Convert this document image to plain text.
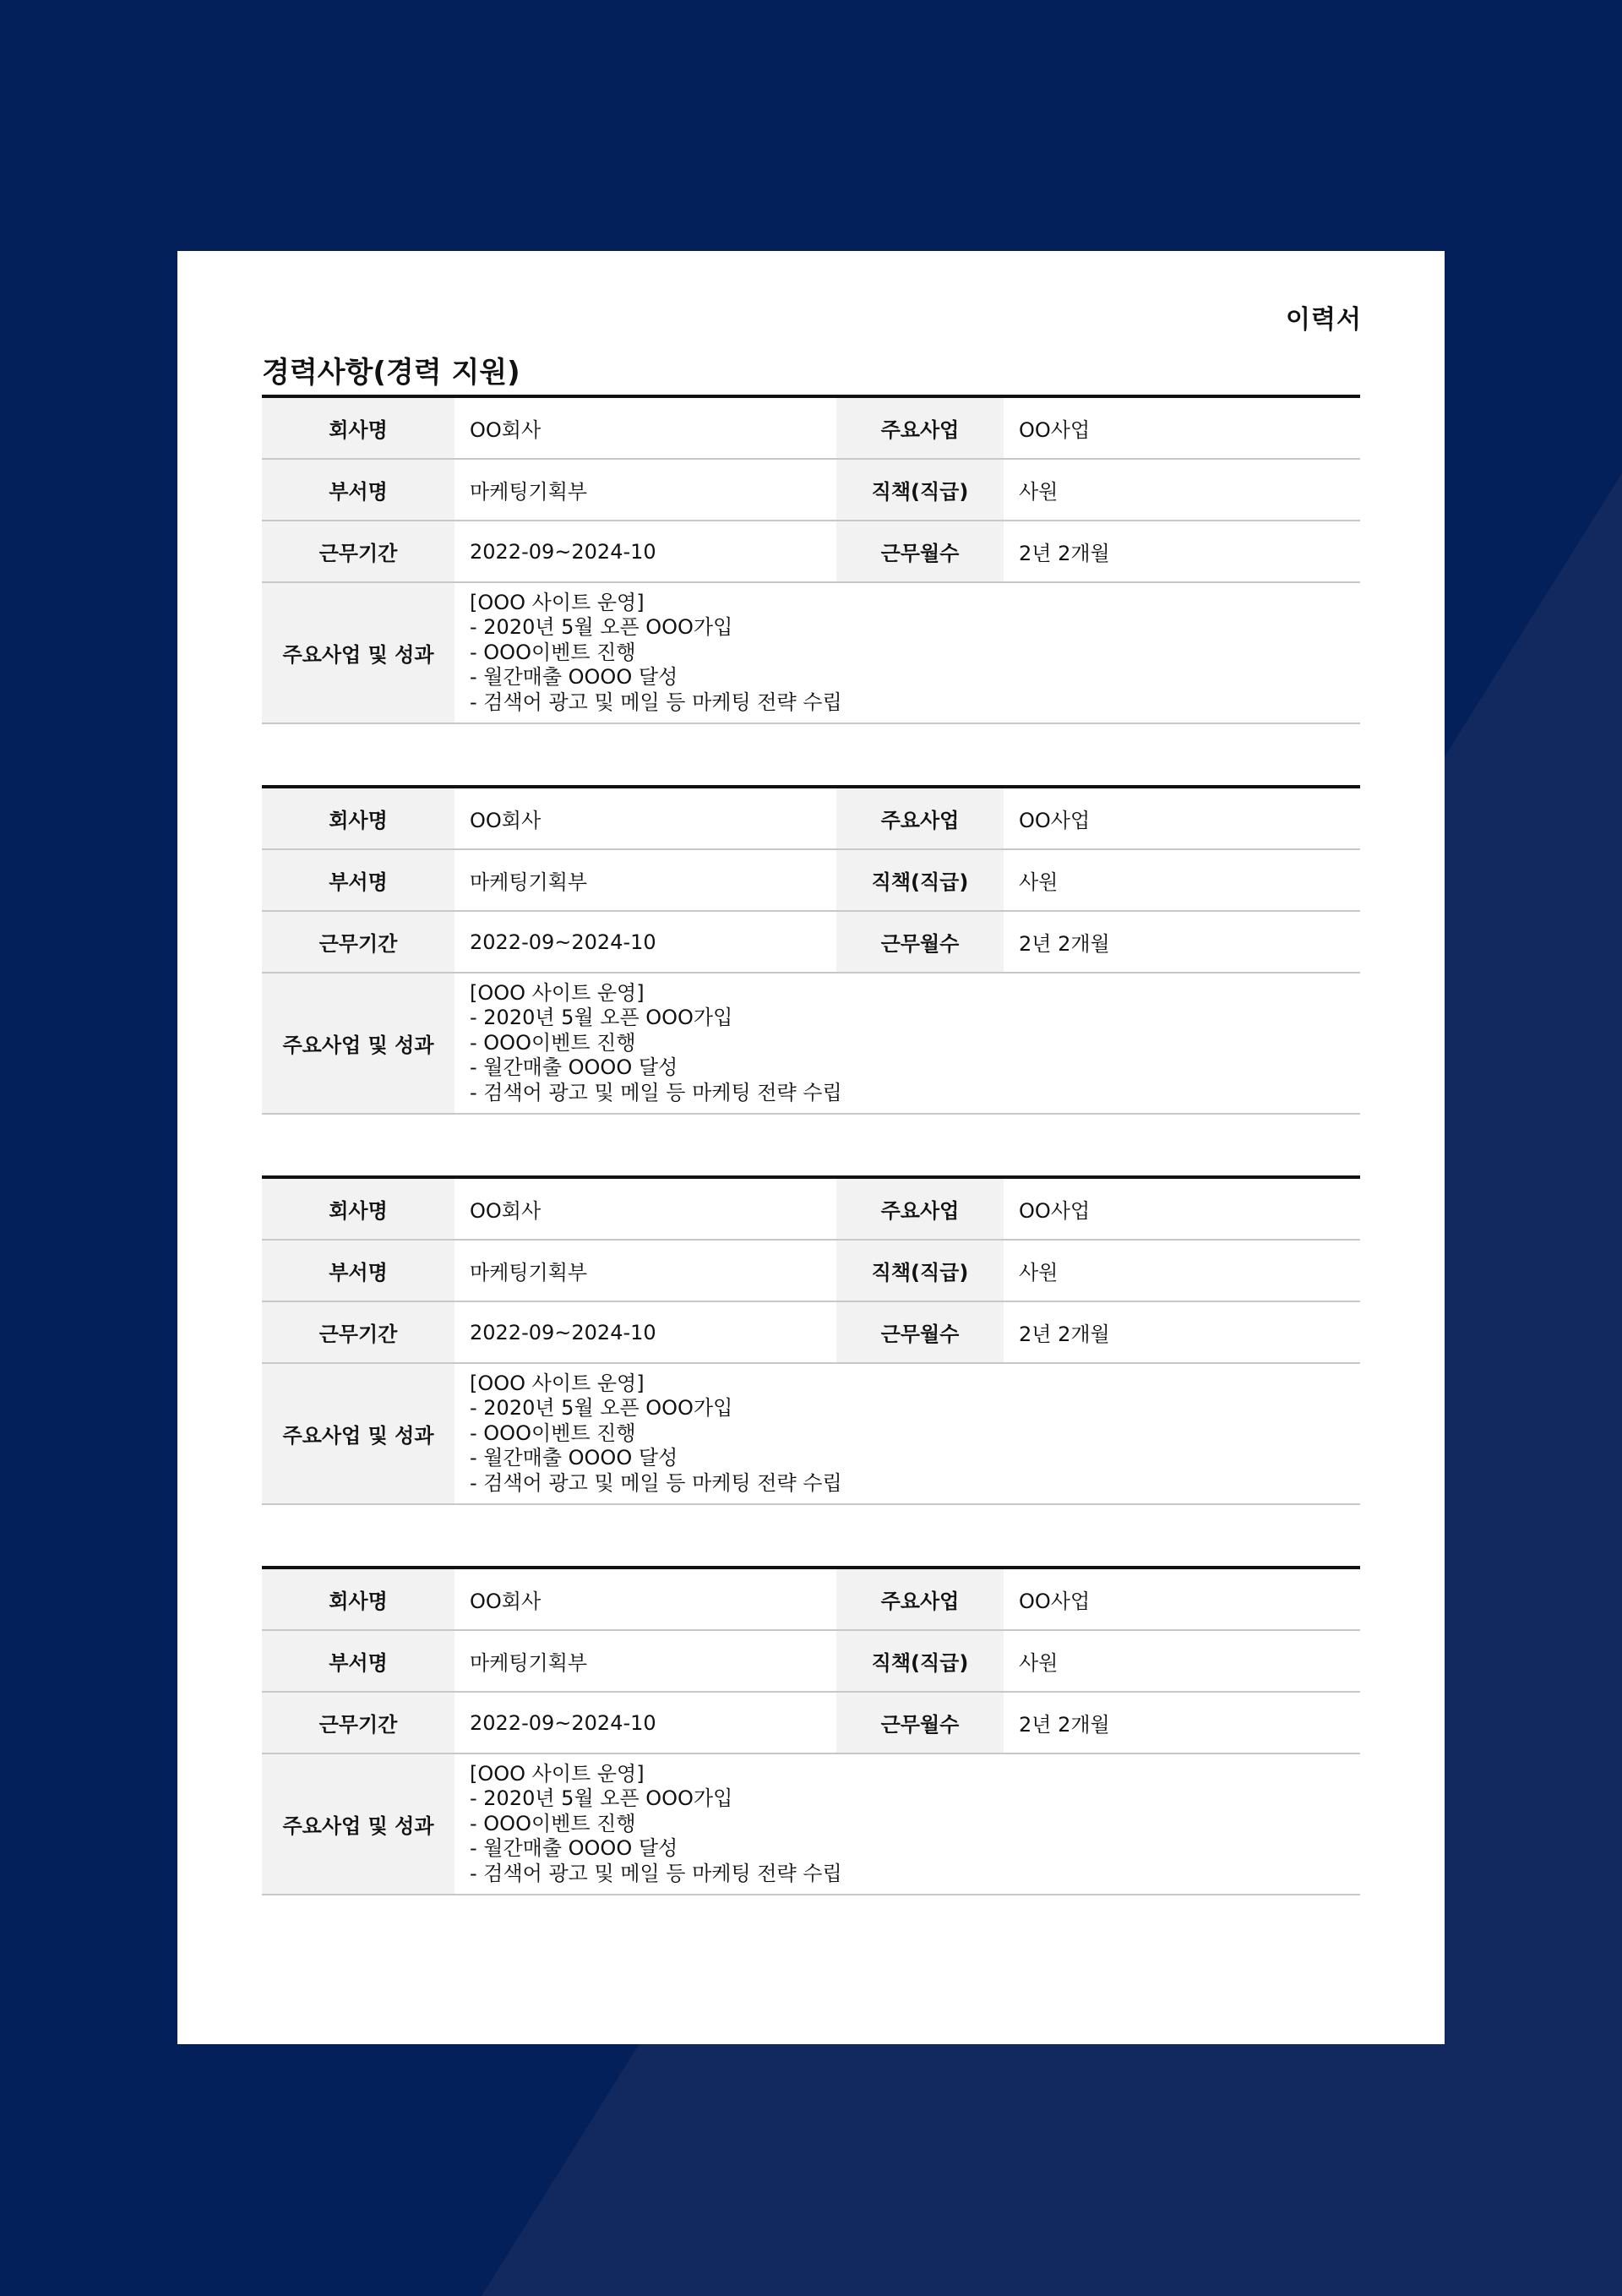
이력서
경력사항(경력 지원)
회사명	OO회사	주요사업	OO사업
부서명	마케팅기획부	직책(직급)	사원
근무기간	2022-09~2024-10	근무월수	2년 2개월
주요사업 및 성과	[OOO 사이트 운영]
- 2020년 5월 오픈 OOO가입
- OOO이벤트 진행
- 월간매출 OOOO 달성
- 검색어 광고 및 메일 등 마케팅 전략 수립		
회사명	OO회사	주요사업	OO사업
부서명	마케팅기획부	직책(직급)	사원
근무기간	2022-09~2024-10	근무월수	2년 2개월
주요사업 및 성과	[OOO 사이트 운영]
- 2020년 5월 오픈 OOO가입
- OOO이벤트 진행
- 월간매출 OOOO 달성
- 검색어 광고 및 메일 등 마케팅 전략 수립		
회사명	OO회사	주요사업	OO사업
부서명	마케팅기획부	직책(직급)	사원
근무기간	2022-09~2024-10	근무월수	2년 2개월
주요사업 및 성과	[OOO 사이트 운영]
- 2020년 5월 오픈 OOO가입
- OOO이벤트 진행
- 월간매출 OOOO 달성
- 검색어 광고 및 메일 등 마케팅 전략 수립		
회사명	OO회사	주요사업	OO사업
부서명	마케팅기획부	직책(직급)	사원
근무기간	2022-09~2024-10	근무월수	2년 2개월
주요사업 및 성과	[OOO 사이트 운영]
- 2020년 5월 오픈 OOO가입
- OOO이벤트 진행
- 월간매출 OOOO 달성
- 검색어 광고 및 메일 등 마케팅 전략 수립		
